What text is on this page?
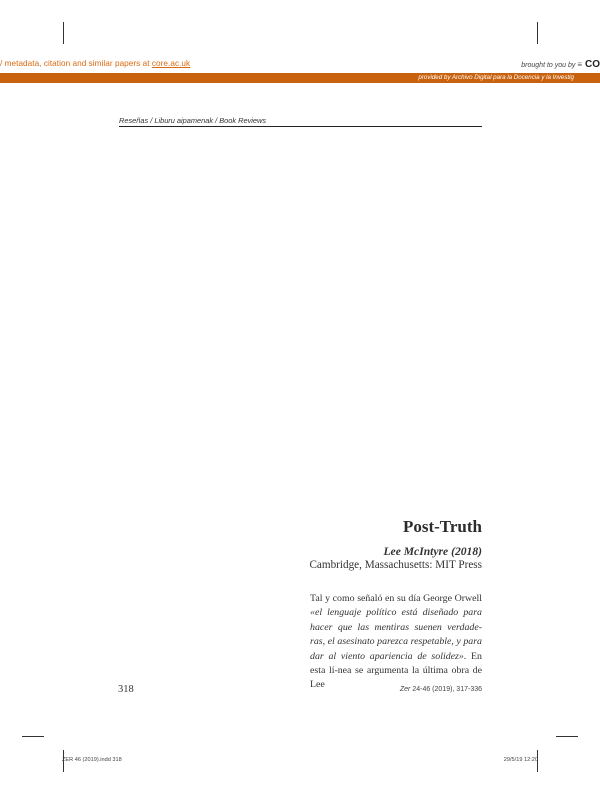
/ metadata, citation and similar papers at core.ac.uk	brought to you by ≡ CO
provided by Archivo Digital para la Docencia y la Investig
Reseñas / Liburu aipamenak / Book Reviews
Post-Truth
Lee McIntyre (2018)
Cambridge, Massachusetts: MIT Press

Tal y como señaló en su día George Orwell «el lenguaje político está diseñado para hacer que las mentiras suenen verdade-ras, el asesinato parezca respetable, y para dar al viento apariencia de solidez». En esta lí-nea se argumenta la última obra de Lee

318	Zer 24-46 (2019), 317-336
ZER 46 (2019).indd 318	29/5/19 12:20
